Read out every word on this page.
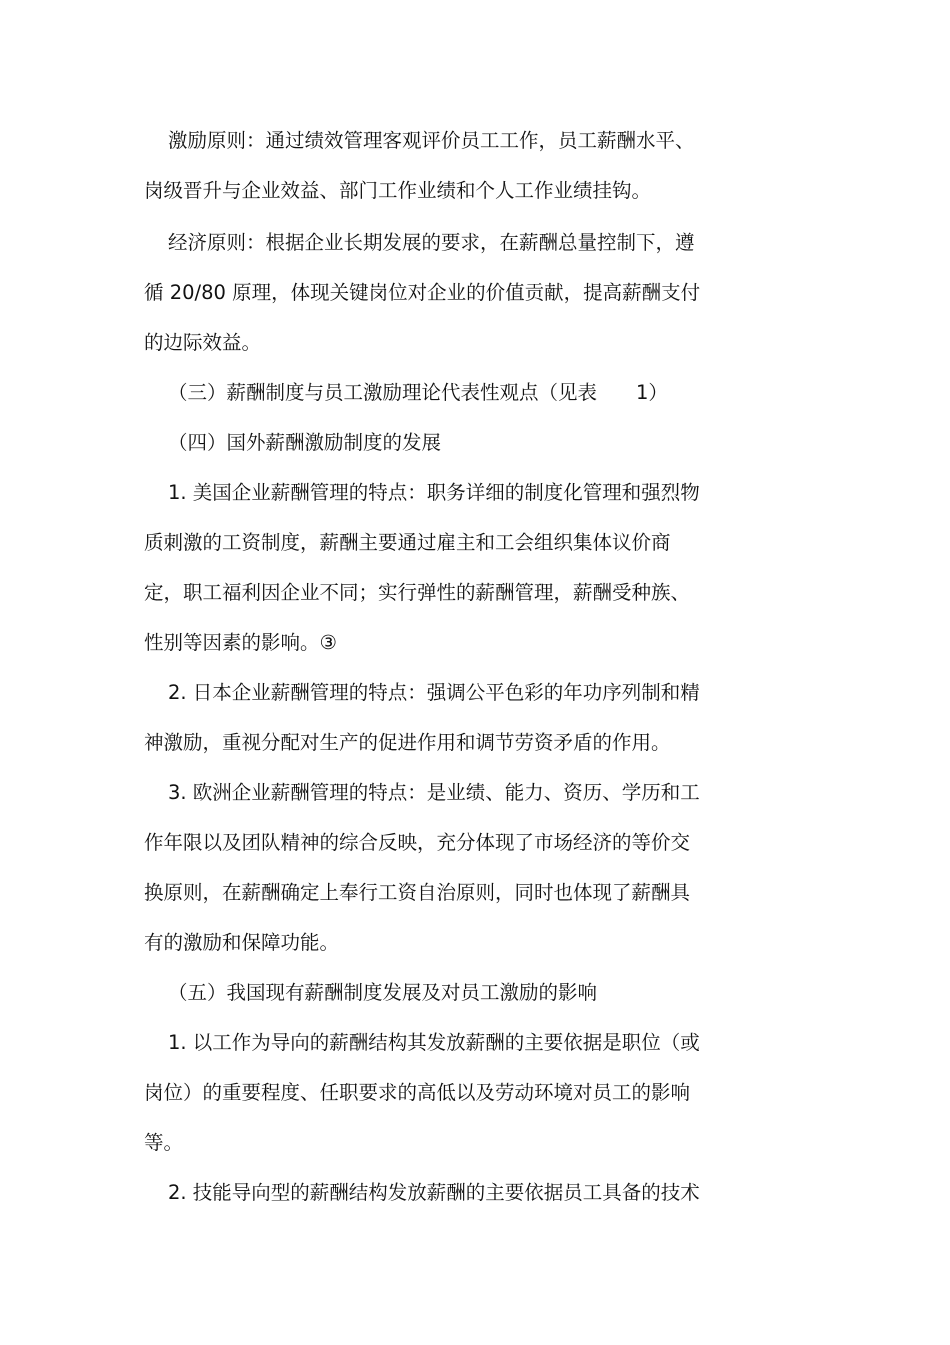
激励原则：通过绩效管理客观评价员工工作，员工薪酬水平、
岗级晋升与企业效益、部门工作业绩和个人工作业绩挂钩。
经济原则：根据企业长期发展的要求，在薪酬总量控制下，遵
循 20/80 原理，体现关键岗位对企业的价值贡献，提高薪酬支付
的边际效益。
（三）薪酬制度与员工激励理论代表性观点（见表　　1）
（四）国外薪酬激励制度的发展
1. 美国企业薪酬管理的特点：职务详细的制度化管理和强烈物
质刺激的工资制度，薪酬主要通过雇主和工会组织集体议价商
定，职工福利因企业不同；实行弹性的薪酬管理，薪酬受种族、
性别等因素的影响。③
2. 日本企业薪酬管理的特点：强调公平色彩的年功序列制和精
神激励，重视分配对生产的促进作用和调节劳资矛盾的作用。
3. 欧洲企业薪酬管理的特点：是业绩、能力、资历、学历和工
作年限以及团队精神的综合反映，充分体现了市场经济的等价交
换原则，在薪酬确定上奉行工资自治原则，同时也体现了薪酬具
有的激励和保障功能。
（五）我国现有薪酬制度发展及对员工激励的影响
1. 以工作为导向的薪酬结构其发放薪酬的主要依据是职位（或
岗位）的重要程度、任职要求的高低以及劳动环境对员工的影响
等。
2. 技能导向型的薪酬结构发放薪酬的主要依据员工具备的技术
